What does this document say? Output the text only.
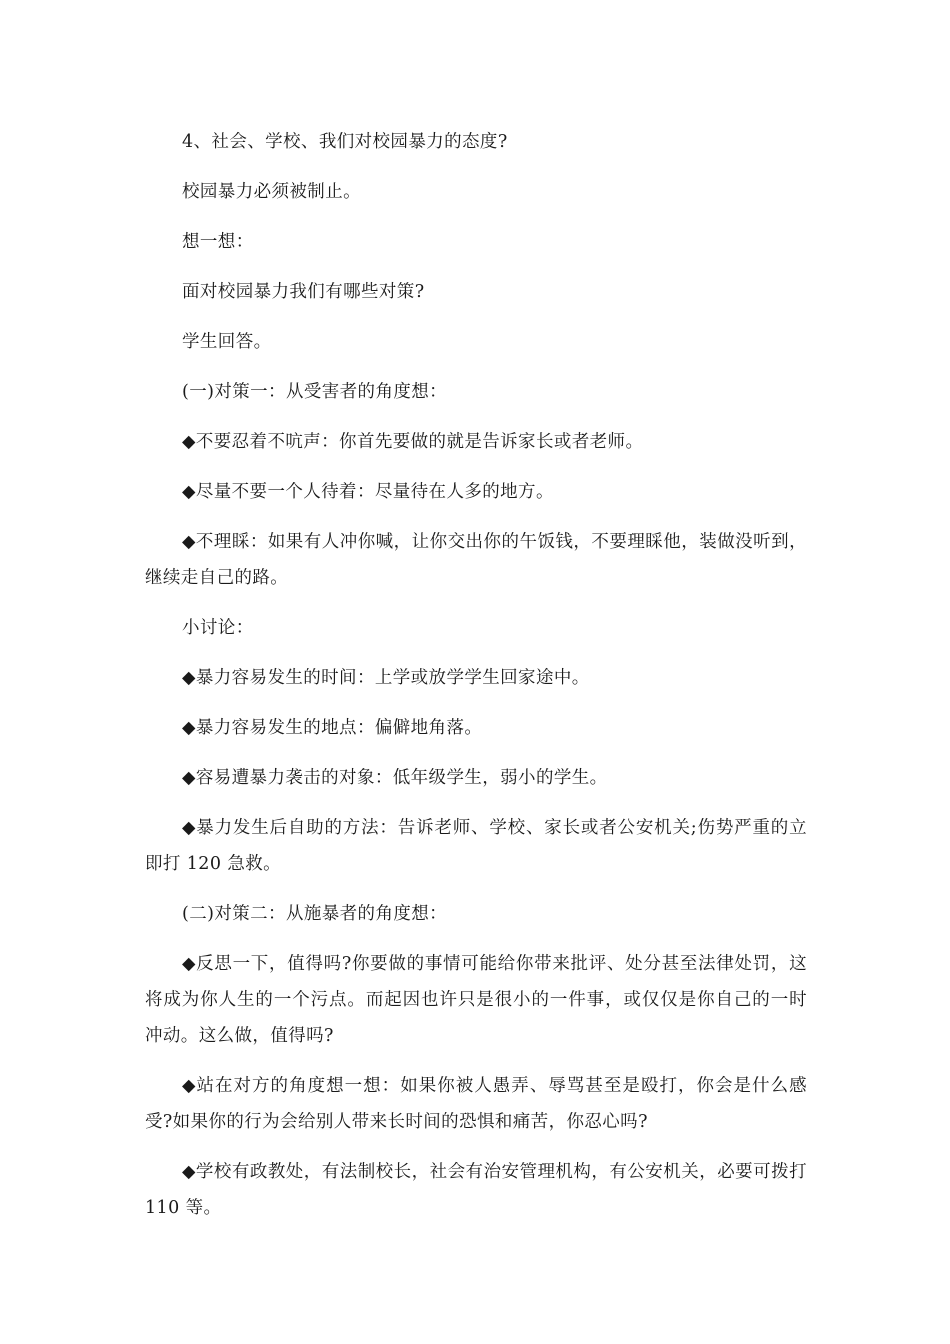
4、社会、学校、我们对校园暴力的态度?

校园暴力必须被制止。

想一想：

面对校园暴力我们有哪些对策?

学生回答。

(一)对策一：从受害者的角度想：

◆不要忍着不吭声：你首先要做的就是告诉家长或者老师。

◆尽量不要一个人待着：尽量待在人多的地方。

◆不理睬：如果有人冲你喊，让你交出你的午饭钱，不要理睬他，装做没听到，继续走自己的路。

小讨论：

◆暴力容易发生的时间：上学或放学学生回家途中。

◆暴力容易发生的地点：偏僻地角落。

◆容易遭暴力袭击的对象：低年级学生，弱小的学生。

◆暴力发生后自助的方法：告诉老师、学校、家长或者公安机关;伤势严重的立即打 120 急救。

(二)对策二：从施暴者的角度想：

◆反思一下，值得吗?你要做的事情可能给你带来批评、处分甚至法律处罚，这将成为你人生的一个污点。而起因也许只是很小的一件事，或仅仅是你自己的一时冲动。这么做，值得吗?

◆站在对方的角度想一想：如果你被人愚弄、辱骂甚至是殴打，你会是什么感受?如果你的行为会给别人带来长时间的恐惧和痛苦，你忍心吗?

◆学校有政教处，有法制校长，社会有治安管理机构，有公安机关，必要可拨打 110 等。
